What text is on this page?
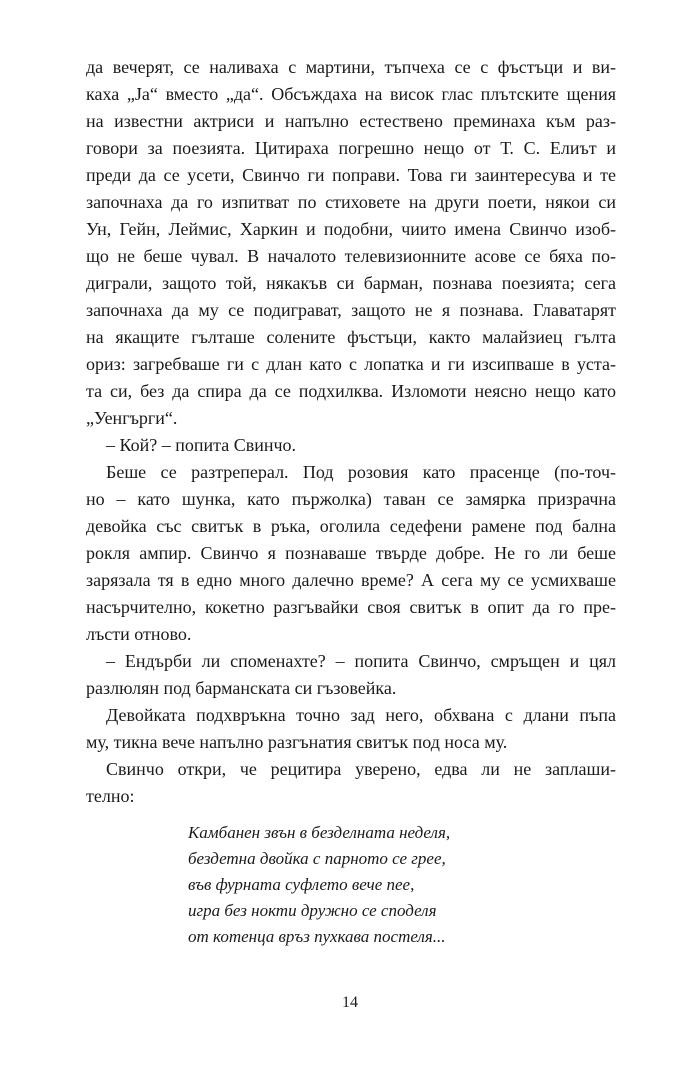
да вечерят, се наливаха с мартини, тъпчеха се с фъстъци и ви-
каха „Ja“ вместо „да“. Обсъждаха на висок глас плътските щения
на известни актриси и напълно естествено преминаха към раз-
говори за поезията. Цитираха погрешно нещо от Т. С. Елиът и
преди да се усети, Свинчо ги поправи. Това ги заинтересува и те
започнаха да го изпитват по стиховете на други поети, някои си
Ун, Гейн, Леймис, Харкин и подобни, чиито имена Свинчо изоб-
що не беше чувал. В началото телевизионните асове се бяха по-
диграли, защото той, някакъв си барман, познава поезията; сега
започнаха да му се подиграват, защото не я познава. Главатарят
на якащите гълташе солените фъстъци, както малайзиец гълта
ориз: загребваше ги с длан като с лопатка и ги изсипваше в уста-
та си, без да спира да се подхилква. Изломоти неясно нещо като
„Уенгърги“.
– Кой? – попита Свинчо.
Беше се разтреперал. Под розовия като прасенце (по-точ-
но – като шунка, като пържолка) таван се замярка призрачна
девойка със свитък в ръка, оголила седефени рамене под бална
рокля ампир. Свинчо я познаваше твърде добре. Не го ли беше
зарязала тя в едно много далечно време? А сега му се усмихваше
насърчително, кокетно разгъвайки своя свитък в опит да го пре-
лъсти отново.
– Ендърби ли споменахте? – попита Свинчо, смръщен и цял
разлюлян под барманската си гъзовейка.
Девойката подхвръкна точно зад него, обхвана с длани пъпа
му, тикна вече напълно разгънатия свитък под носа му.
Свинчо откри, че рецитира уверено, едва ли не заплаши-
телно:
Камбанен звън в безделната неделя,
бездетна двойка с парното се грее,
във фурната суфлето вече пее,
игра без нокти дружно се споделя
от котенца връз пухкава постеля...
14
